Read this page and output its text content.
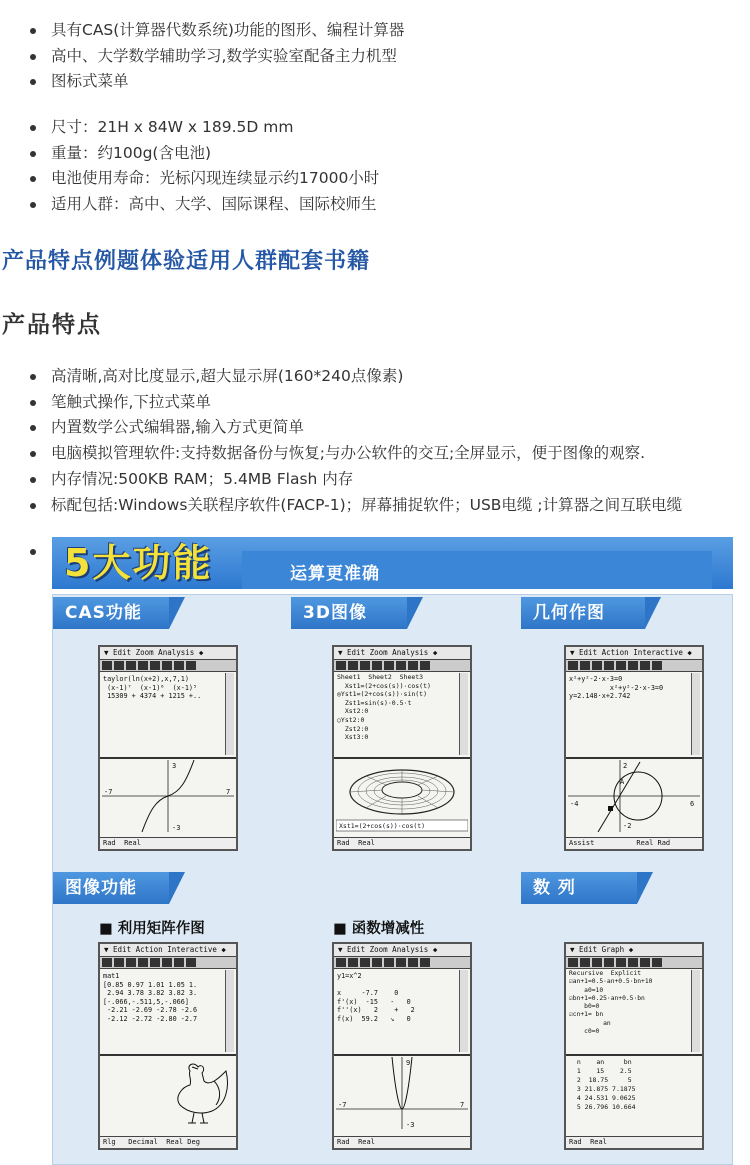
具有CAS(计算器代数系统)功能的图形、编程计算器
高中、大学数学辅助学习,数学实验室配备主力机型
图标式菜单
尺寸：21H x 84W x 189.5D mm
重量：约100g(含电池)
电池使用寿命：光标闪现连续显示约17000小时
适用人群：高中、大学、国际课程、国际校师生
产品特点例题体验适用人群配套书籍
产品特点
高清晰,高对比度显示,超大显示屏(160*240点像素)
笔触式操作,下拉式菜单
内置数学公式编辑器,输入方式更简单
电脑模拟管理软件:支持数据备份与恢复;与办公软件的交互;全屏显示，便于图像的观察.
内存情况:500KB RAM；5.4MB Flash 内存
标配包括:Windows关联程序软件(FACP-1)；屏幕捕捉软件；USB电缆 ;计算器之间互联电缆
5大功能	运算更准确
CAS功能	3D图像	几何作图
图像功能	数 列
■ 利用矩阵作图	■ 函数增减性
▼ Edit Zoom Analysis ◆
taylor(ln(x+2),x,7,1)
(x-1)⁷  (x-1)⁶  (x-1)⁵
15309 + 4374 + 1215 +..
3
-7	7
-3
Rad  Real
▼ Edit Zoom Analysis ◆
Sheet1  Sheet2  Sheet3
Xst1=(2+cos(s))·cos(t)
◎Yst1=(2+cos(s))·sin(t)
Zst1=sin(s)·0.5·t
Xst2:0
○Yst2:0
Zst2:0
Xst3:0
Xst1=(2+cos(s))·cos(t)
Rad  Real
▼ Edit Action Interactive ◆
x²+y²-2·x-3=0
x²+y²-2·x-3=0
y=2.148·x+2.742
2
-4	6
-2
A
Assist          Real Rad
▼ Edit Action Interactive ◆
mat1
[0.85 0.97 1.01 1.05 1.
2.94 3.78 3.82 3.82 3.
[-.066,-.511,5,-.066]
-2.21 -2.69 -2.78 -2.6
-2.12 -2.72 -2.80 -2.7
Rlg   Decimal  Real Deg
▼ Edit Zoom Analysis ◆
y1=x^2

x     -7.7    0
f'(x)  -15   -   0
f''(x)   2    +   2
f(x)  59.2   ↘   0
9
-7	7
-3
Rad  Real
▼ Edit Graph ◆
Recursive  Explicit
☑an+1=0.5·an+0.5·bn+10
a0=10
☑bn+1=0.25·an+0.5·bn
b0=0
☑cn+1= bn
an
c0=0
n    an     bn
1    15    2.5
2  18.75     5
3 21.875 7.1875
4 24.531 9.0625
5 26.796 10.664
Rad  Real
